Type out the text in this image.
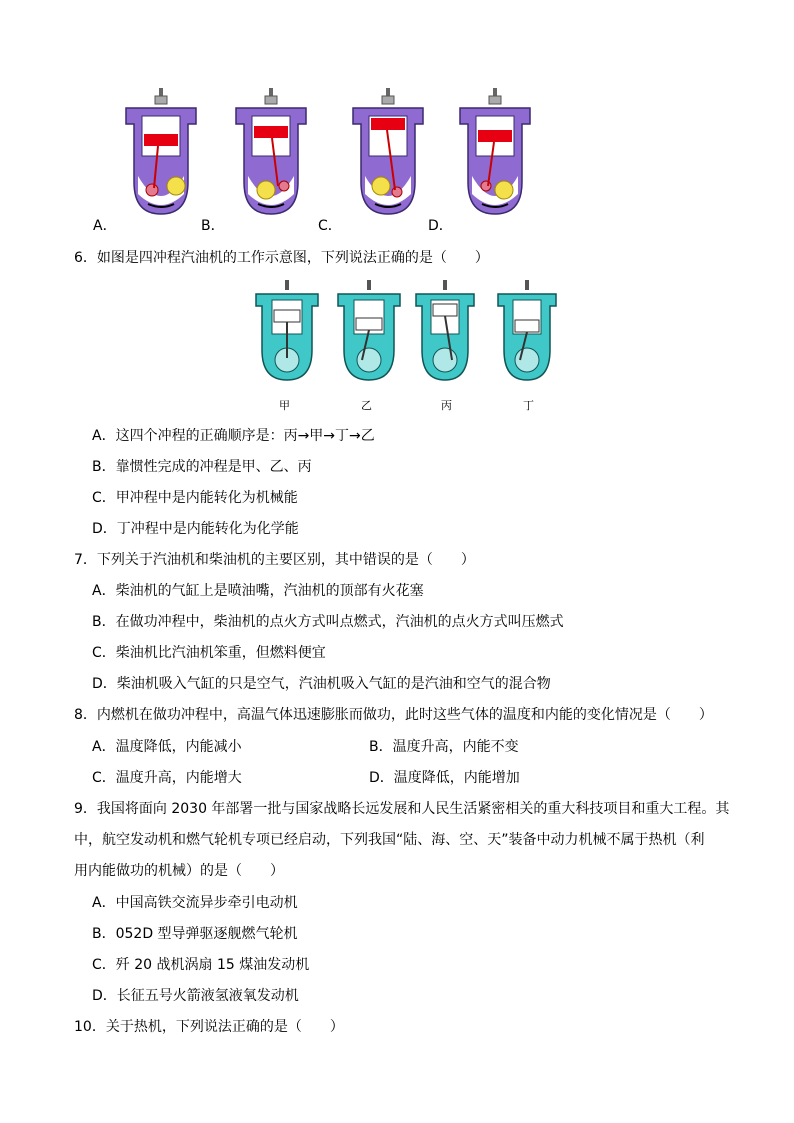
A．	B．	C．	D．
6．如图是四冲程汽油机的工作示意图，下列说法正确的是（　　）
甲	乙	丙	丁
A．这四个冲程的正确顺序是：丙→甲→丁→乙
B．靠惯性完成的冲程是甲、乙、丙
C．甲冲程中是内能转化为机械能
D．丁冲程中是内能转化为化学能
7．下列关于汽油机和柴油机的主要区别，其中错误的是（　　）
A．柴油机的气缸上是喷油嘴，汽油机的顶部有火花塞
B．在做功冲程中，柴油机的点火方式叫点燃式，汽油机的点火方式叫压燃式
C．柴油机比汽油机笨重，但燃料便宜
D．柴油机吸入气缸的只是空气，汽油机吸入气缸的是汽油和空气的混合物
8．内燃机在做功冲程中，高温气体迅速膨胀而做功，此时这些气体的温度和内能的变化情况是（　　）
A．温度降低，内能减小	B．温度升高，内能不变
C．温度升高，内能增大	D．温度降低，内能增加
9．我国将面向 2030 年部署一批与国家战略长远发展和人民生活紧密相关的重大科技项目和重大工程。其
中，航空发动机和燃气轮机专项已经启动，下列我国“陆、海、空、天”装备中动力机械不属于热机（利
用内能做功的机械）的是（　　）
A．中国高铁交流异步牵引电动机
B．052D 型导弹驱逐舰燃气轮机
C．歼 20 战机涡扇 15 煤油发动机
D．长征五号火箭液氢液氧发动机
10．关于热机，下列说法正确的是（　　）
